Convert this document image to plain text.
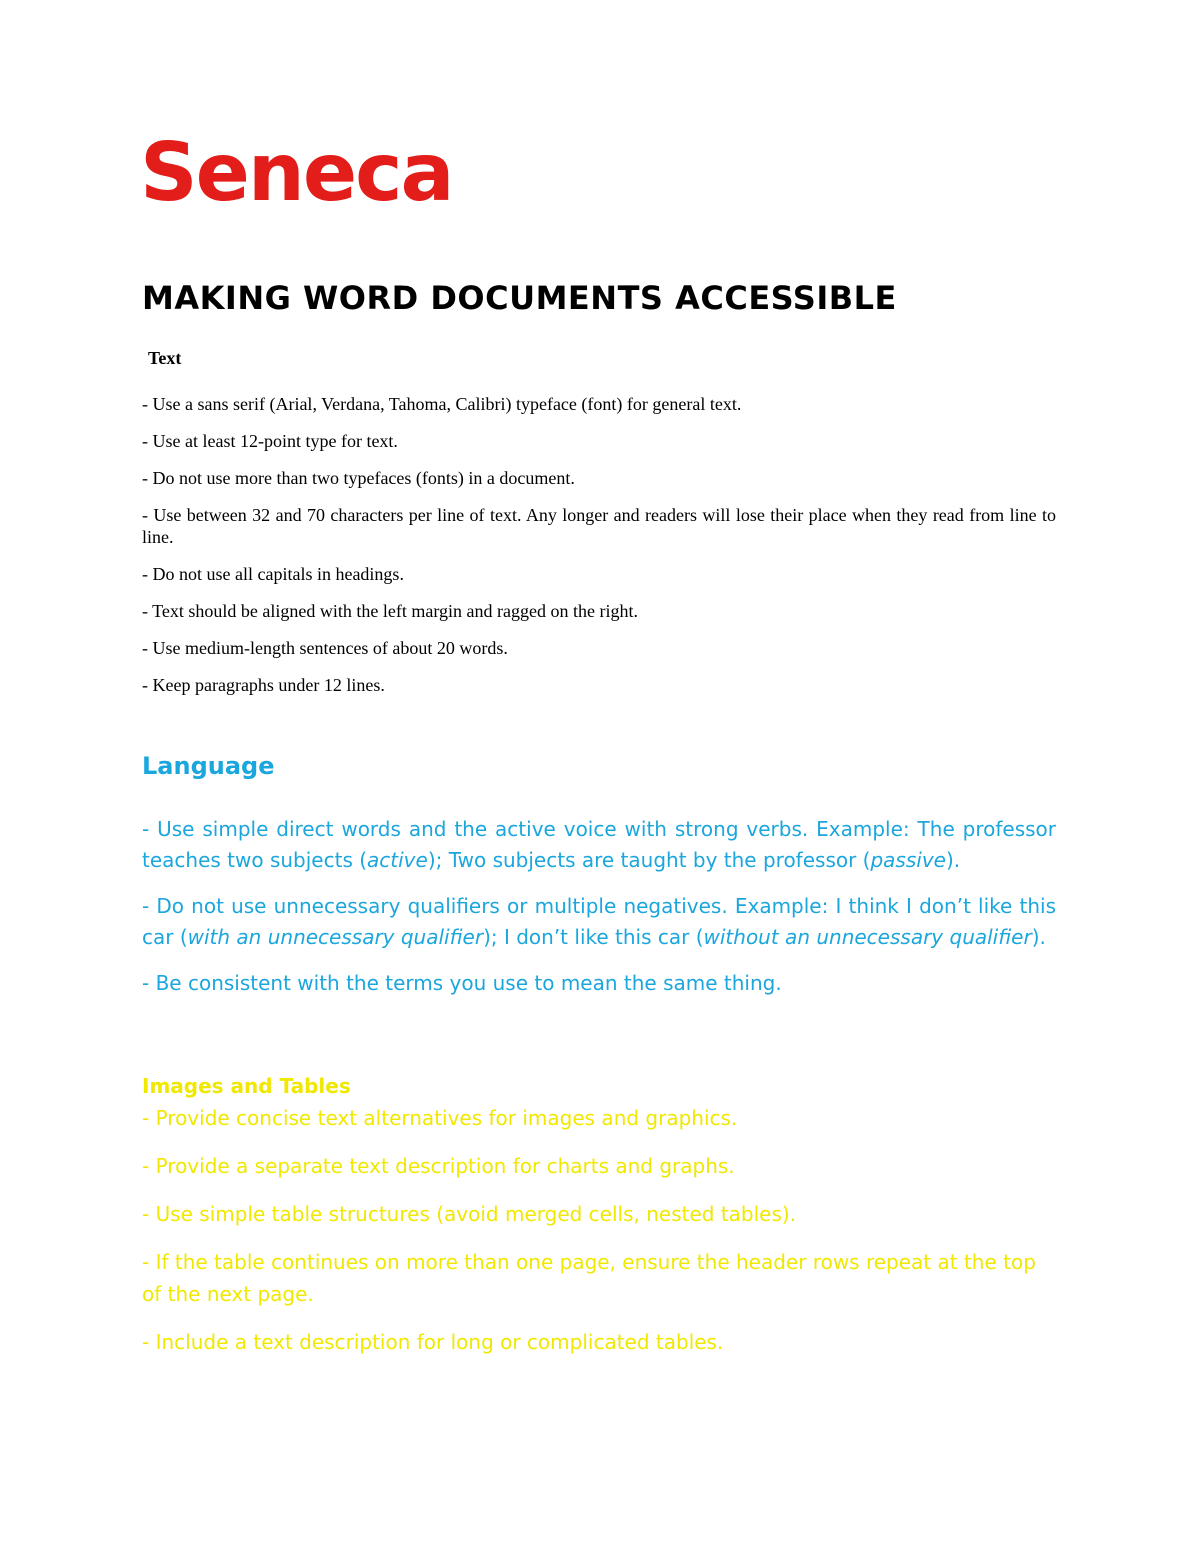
Seneca
MAKING WORD DOCUMENTS ACCESSIBLE
Text
- Use a sans serif (Arial, Verdana, Tahoma, Calibri) typeface (font) for general text.
- Use at least 12-point type for text.
- Do not use more than two typefaces (fonts) in a document.
- Use between 32 and 70 characters per line of text. Any longer and readers will lose their place when they read from line to line.
- Do not use all capitals in headings.
- Text should be aligned with the left margin and ragged on the right.
- Use medium-length sentences of about 20 words.
- Keep paragraphs under 12 lines.
Language
- Use simple direct words and the active voice with strong verbs. Example: The professor teaches two subjects (active); Two subjects are taught by the professor (passive).
- Do not use unnecessary qualifiers or multiple negatives. Example: I think I don’t like this car (with an unnecessary qualifier); I don’t like this car (without an unnecessary qualifier).
- Be consistent with the terms you use to mean the same thing.
Images and Tables
- Provide concise text alternatives for images and graphics.
- Provide a separate text description for charts and graphs.
- Use simple table structures (avoid merged cells, nested tables).
- If the table continues on more than one page, ensure the header rows repeat at the top of the next page.
- Include a text description for long or complicated tables.
